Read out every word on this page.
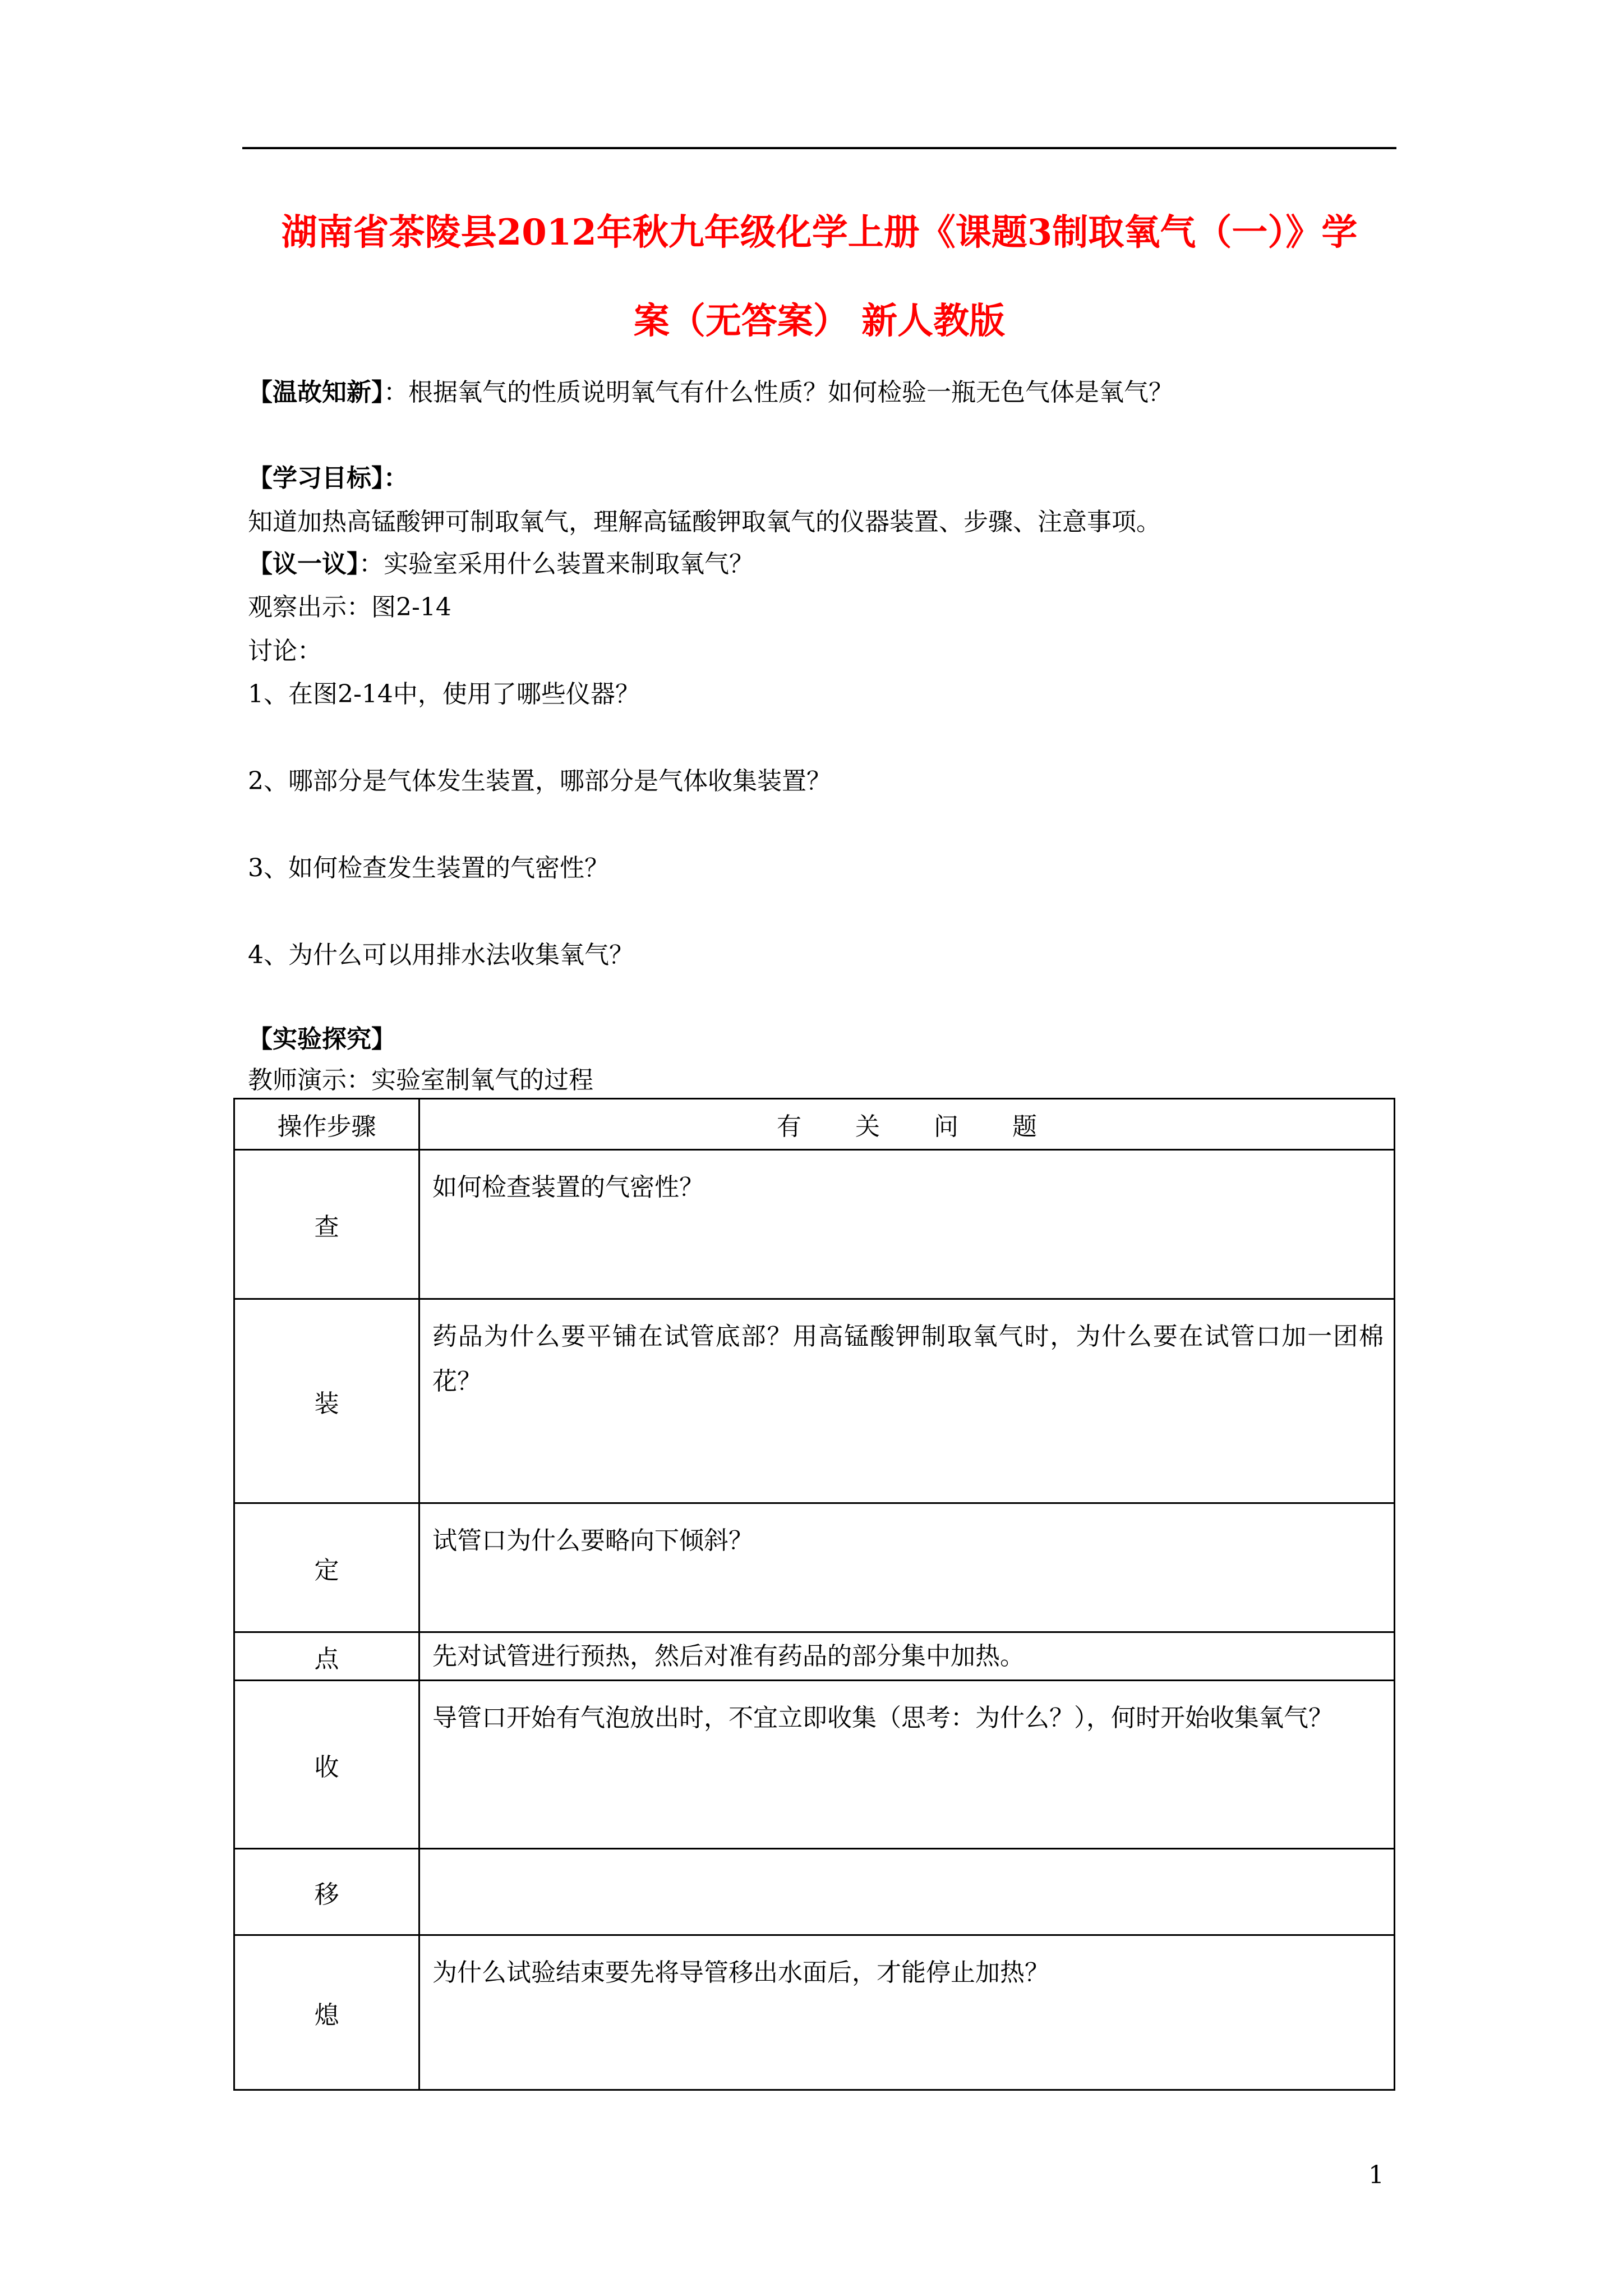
湖南省茶陵县2012年秋九年级化学上册《课题3制取氧气（一）》学
案（无答案） 新人教版
【温故知新】：根据氧气的性质说明氧气有什么性质？如何检验一瓶无色气体是氧气？
【学习目标】：
知道加热高锰酸钾可制取氧气，理解高锰酸钾取氧气的仪器装置、步骤、注意事项。
【议一议】：实验室采用什么装置来制取氧气？
观察出示：图2-14
讨论：
1、在图2-14中，使用了哪些仪器？
2、哪部分是气体发生装置，哪部分是气体收集装置？
3、如何检查发生装置的气密性？
4、为什么可以用排水法收集氧气？
【实验探究】
教师演示：实验室制氧气的过程
操作步骤	有关问题
查	如何检查装置的气密性？

装	药品为什么要平铺在试管底部？用高锰酸钾制取氧气时，为什么要在试管口加一团棉花？

定	试管口为什么要略向下倾斜？

点	先对试管进行预热，然后对准有药品的部分集中加热。

收	导管口开始有气泡放出时，不宜立即收集（思考：为什么？），何时开始收集氧气？

移	

熄	为什么试验结束要先将导管移出水面后，才能停止加热？
1
